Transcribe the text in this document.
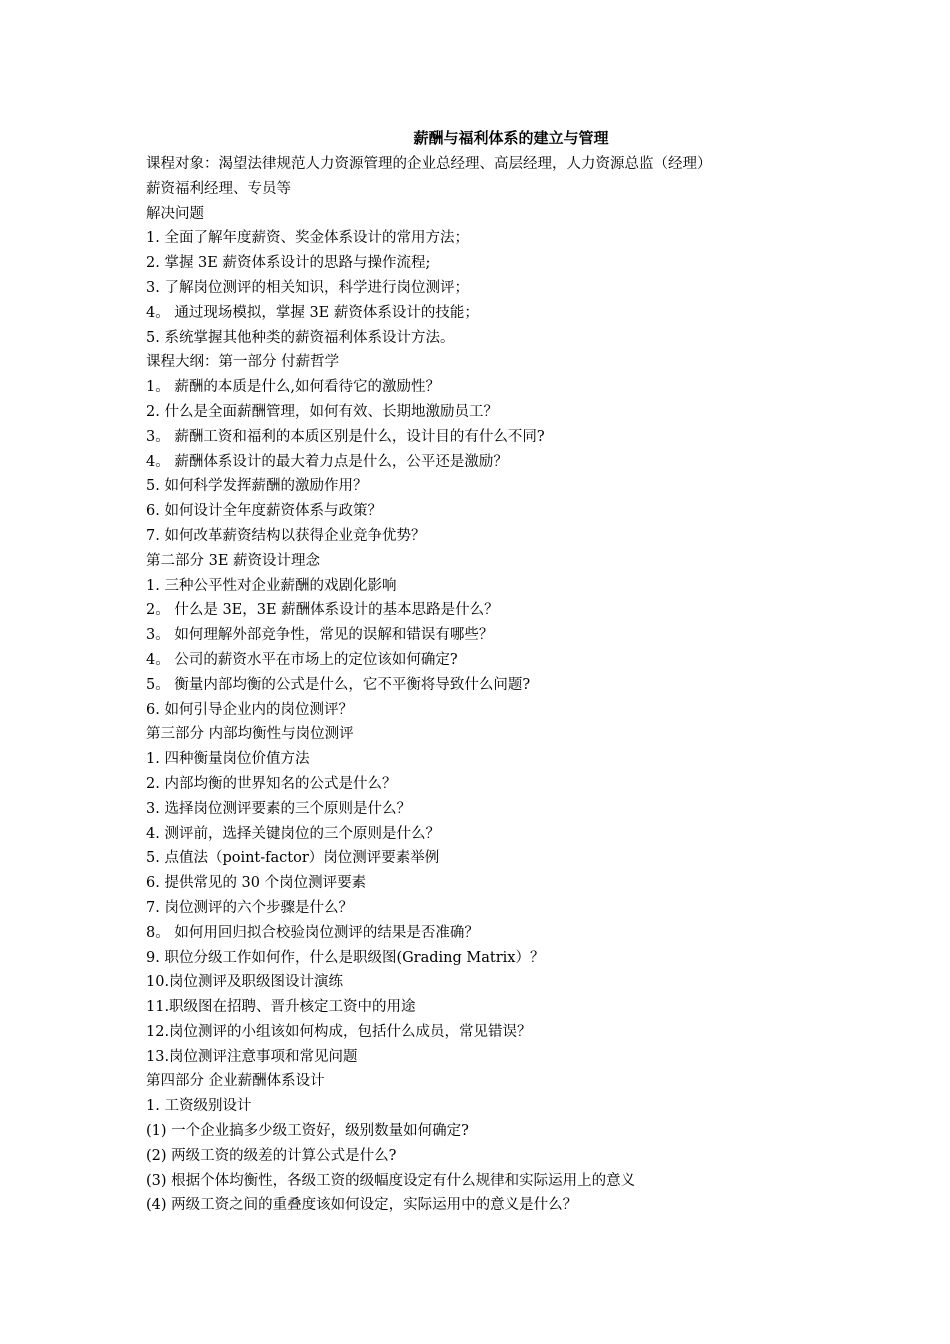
薪酬与福利体系的建立与管理
课程对象：渴望法律规范人力资源管理的企业总经理、高层经理，人力资源总监（经理）
薪资福利经理、专员等
解决问题
1. 全面了解年度薪资、奖金体系设计的常用方法；
2. 掌握 3E 薪资体系设计的思路与操作流程;
3. 了解岗位测评的相关知识，科学进行岗位测评；
4。 通过现场模拟，掌握 3E 薪资体系设计的技能；
5. 系统掌握其他种类的薪资福利体系设计方法。
课程大纲：第一部分 付薪哲学
1。 薪酬的本质是什么,如何看待它的激励性？
2. 什么是全面薪酬管理，如何有效、长期地激励员工？
3。 薪酬工资和福利的本质区别是什么，设计目的有什么不同?
4。 薪酬体系设计的最大着力点是什么，公平还是激励？
5. 如何科学发挥薪酬的激励作用？
6. 如何设计全年度薪资体系与政策？
7. 如何改革薪资结构以获得企业竞争优势？
第二部分 3E 薪资设计理念
1. 三种公平性对企业薪酬的戏剧化影响
2。 什么是 3E，3E 薪酬体系设计的基本思路是什么？
3。 如何理解外部竞争性，常见的误解和错误有哪些？
4。 公司的薪资水平在市场上的定位该如何确定?
5。 衡量内部均衡的公式是什么，它不平衡将导致什么问题?
6. 如何引导企业内的岗位测评？
第三部分 内部均衡性与岗位测评
1. 四种衡量岗位价值方法
2. 内部均衡的世界知名的公式是什么？
3. 选择岗位测评要素的三个原则是什么？
4. 测评前，选择关键岗位的三个原则是什么？
5. 点值法（point-factor）岗位测评要素举例
6. 提供常见的 30 个岗位测评要素
7. 岗位测评的六个步骤是什么？
8。 如何用回归拟合校验岗位测评的结果是否准确？
9. 职位分级工作如何作，什么是职级图(Grading Matrix）？
10.岗位测评及职级图设计演练
11.职级图在招聘、晋升核定工资中的用途
12.岗位测评的小组该如何构成，包括什么成员，常见错误？
13.岗位测评注意事项和常见问题
第四部分 企业薪酬体系设计
1. 工资级别设计
(1) 一个企业搞多少级工资好，级别数量如何确定?
(2) 两级工资的级差的计算公式是什么?
(3) 根据个体均衡性，各级工资的级幅度设定有什么规律和实际运用上的意义
(4) 两级工资之间的重叠度该如何设定，实际运用中的意义是什么？
